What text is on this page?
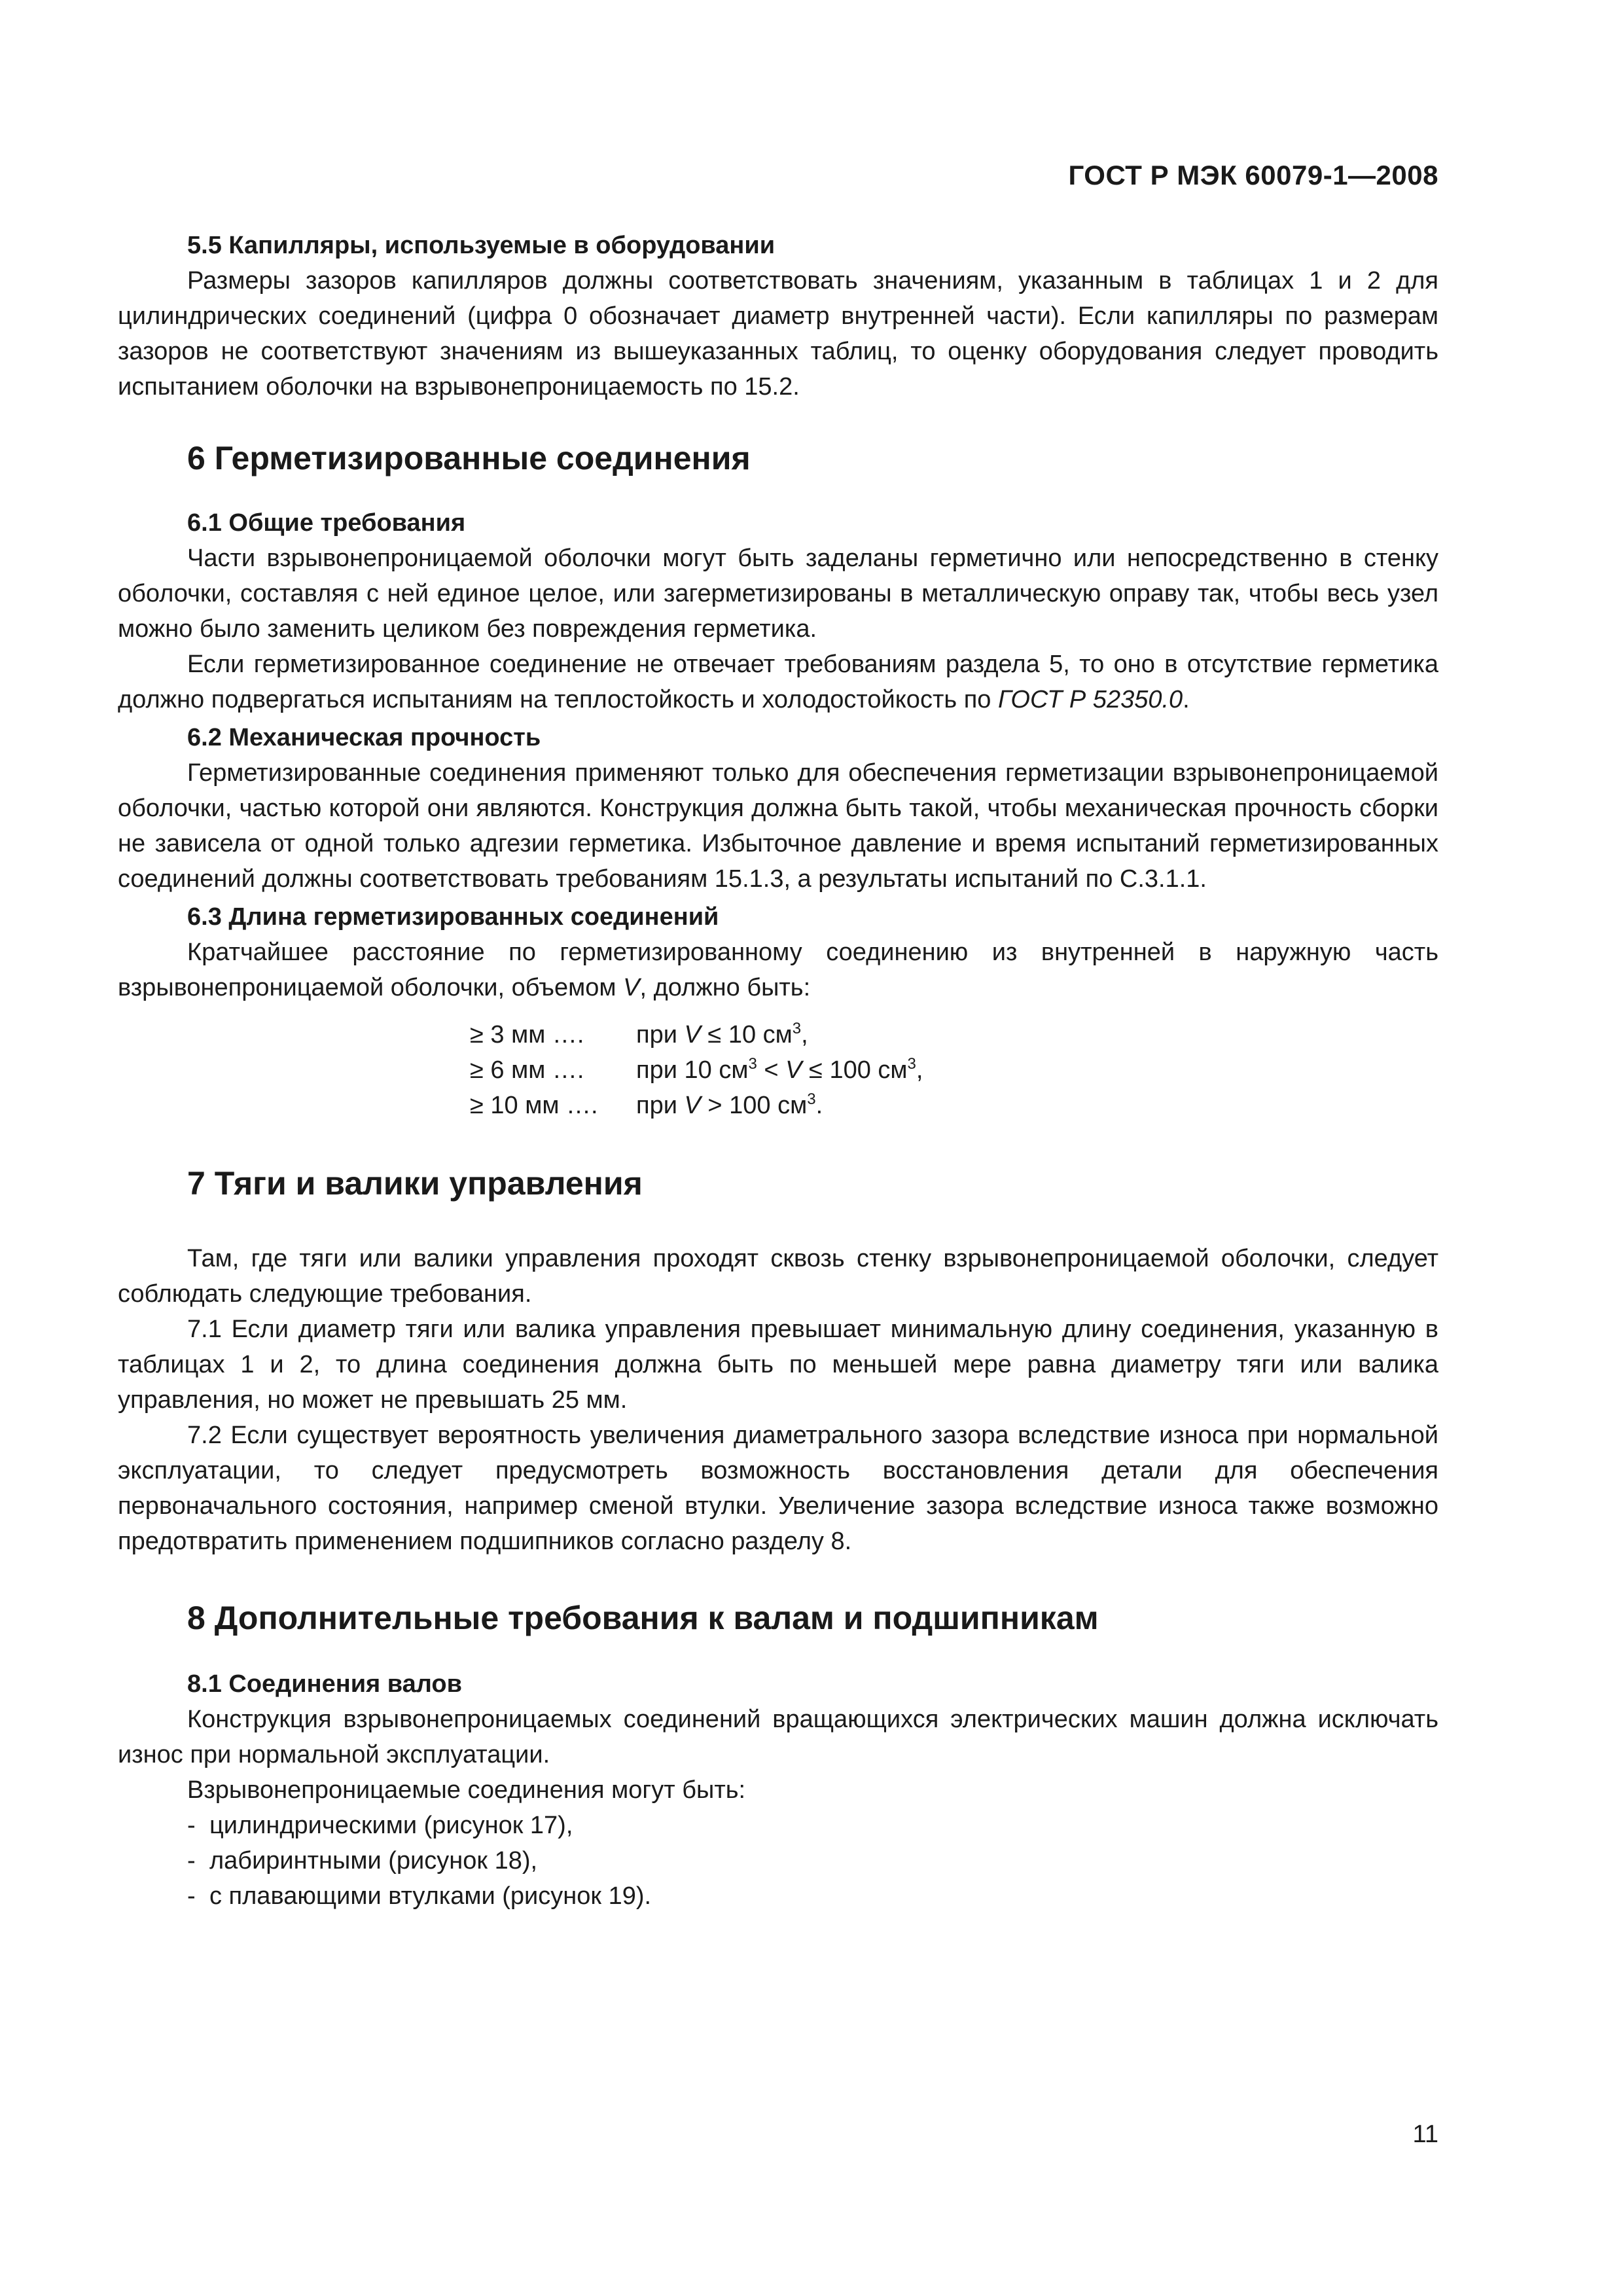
ГОСТ Р МЭК 60079-1—2008
5.5 Капилляры, используемые в оборудовании

Размеры зазоров капилляров должны соответствовать значениям, указанным в таблицах 1 и 2 для цилиндрических соединений (цифра 0 обозначает диаметр внутренней части). Если капилляры по размерам зазоров не соответствуют значениям из вышеуказанных таблиц, то оценку оборудования следует проводить испытанием оболочки на взрывонепроницаемость по 15.2.

6 Герметизированные соединения
6.1 Общие требования

Части взрывонепроницаемой оболочки могут быть заделаны герметично или непосредственно в стенку оболочки, составляя с ней единое целое, или загерметизированы в металлическую оправу так, чтобы весь узел можно было заменить целиком без повреждения герметика.

Если герметизированное соединение не отвечает требованиям раздела 5, то оно в отсутствие герметика должно подвергаться испытаниям на теплостойкость и холодостойкость по ГОСТ Р 52350.0.

6.2 Механическая прочность

Герметизированные соединения применяют только для обеспечения герметизации взрывонепроницаемой оболочки, частью которой они являются. Конструкция должна быть такой, чтобы механическая прочность сборки не зависела от одной только адгезии герметика. Избыточное давление и время испытаний герметизированных соединений должны соответствовать требованиям 15.1.3, а результаты испытаний по С.3.1.1.

6.3 Длина герметизированных соединений

Кратчайшее расстояние по герметизированному соединению из внутренней в наружную часть взрывонепроницаемой оболочки, объемом V, должно быть:

≥ 3 мм ….	при V ≤ 10 $см^3$,
≥ 6 мм ….	при 10 $см^3 < V \le 100$ $см^3$,
≥ 10 мм ….	при V > 100 $см^3$.
7 Тяги и валики управления

Там, где тяги или валики управления проходят сквозь стенку взрывонепроницаемой оболочки, следует соблюдать следующие требования.

7.1 Если диаметр тяги или валика управления превышает минимальную длину соединения, указанную в таблицах 1 и 2, то длина соединения должна быть по меньшей мере равна диаметру тяги или валика управления, но может не превышать 25 мм.

7.2 Если существует вероятность увеличения диаметрального зазора вследствие износа при нормальной эксплуатации, то следует предусмотреть возможность восстановления детали для обеспечения первоначального состояния, например сменой втулки. Увеличение зазора вследствие износа также возможно предотвратить применением подшипников согласно разделу 8.

8 Дополнительные требования к валам и подшипникам
8.1 Соединения валов

Конструкция взрывонепроницаемых соединений вращающихся электрических машин должна исключать износ при нормальной эксплуатации.

Взрывонепроницаемые соединения могут быть:

- цилиндрическими (рисунок 17),
- лабиринтными (рисунок 18),
- с плавающими втулками (рисунок 19).
11
